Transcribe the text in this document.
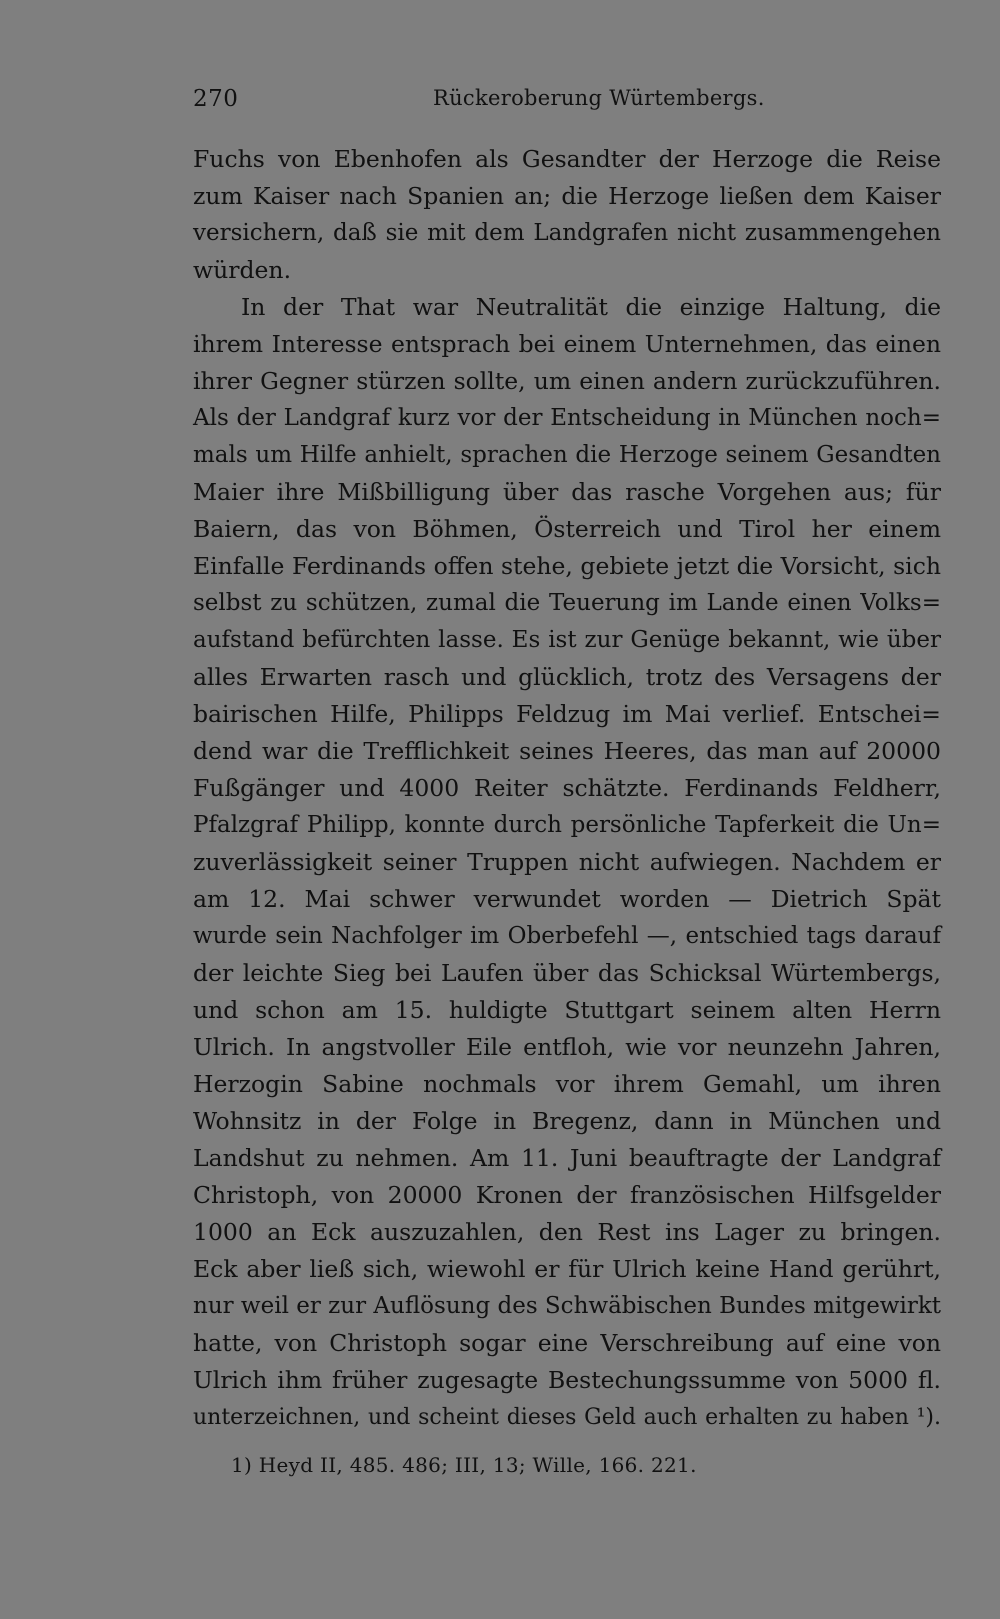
270	Rückeroberung Würtembergs.
Fuchs von Ebenhofen als Gesandter der Herzoge die Reise
zum Kaiser nach Spanien an; die Herzoge ließen dem Kaiser
versichern, daß sie mit dem Landgrafen nicht zusammengehen
würden.
In der That war Neutralität die einzige Haltung, die
ihrem Interesse entsprach bei einem Unternehmen, das einen
ihrer Gegner stürzen sollte, um einen andern zurückzuführen.
Als der Landgraf kurz vor der Entscheidung in München noch=
mals um Hilfe anhielt, sprachen die Herzoge seinem Gesandten
Maier ihre Mißbilligung über das rasche Vorgehen aus; für
Baiern, das von Böhmen, Österreich und Tirol her einem
Einfalle Ferdinands offen stehe, gebiete jetzt die Vorsicht, sich
selbst zu schützen, zumal die Teuerung im Lande einen Volks=
aufstand befürchten lasse. Es ist zur Genüge bekannt, wie über
alles Erwarten rasch und glücklich, trotz des Versagens der
bairischen Hilfe, Philipps Feldzug im Mai verlief. Entschei=
dend war die Trefflichkeit seines Heeres, das man auf 20000
Fußgänger und 4000 Reiter schätzte. Ferdinands Feldherr,
Pfalzgraf Philipp, konnte durch persönliche Tapferkeit die Un=
zuverlässigkeit seiner Truppen nicht aufwiegen. Nachdem er
am 12. Mai schwer verwundet worden — Dietrich Spät
wurde sein Nachfolger im Oberbefehl —, entschied tags darauf
der leichte Sieg bei Laufen über das Schicksal Würtembergs,
und schon am 15. huldigte Stuttgart seinem alten Herrn
Ulrich. In angstvoller Eile entfloh, wie vor neunzehn Jahren,
Herzogin Sabine nochmals vor ihrem Gemahl, um ihren
Wohnsitz in der Folge in Bregenz, dann in München und
Landshut zu nehmen. Am 11. Juni beauftragte der Landgraf
Christoph, von 20000 Kronen der französischen Hilfsgelder
1000 an Eck auszuzahlen, den Rest ins Lager zu bringen.
Eck aber ließ sich, wiewohl er für Ulrich keine Hand gerührt,
nur weil er zur Auflösung des Schwäbischen Bundes mitgewirkt
hatte, von Christoph sogar eine Verschreibung auf eine von
Ulrich ihm früher zugesagte Bestechungssumme von 5000 fl.
unterzeichnen, und scheint dieses Geld auch erhalten zu haben ¹).
1) Heyd II, 485. 486; III, 13; Wille, 166. 221.
